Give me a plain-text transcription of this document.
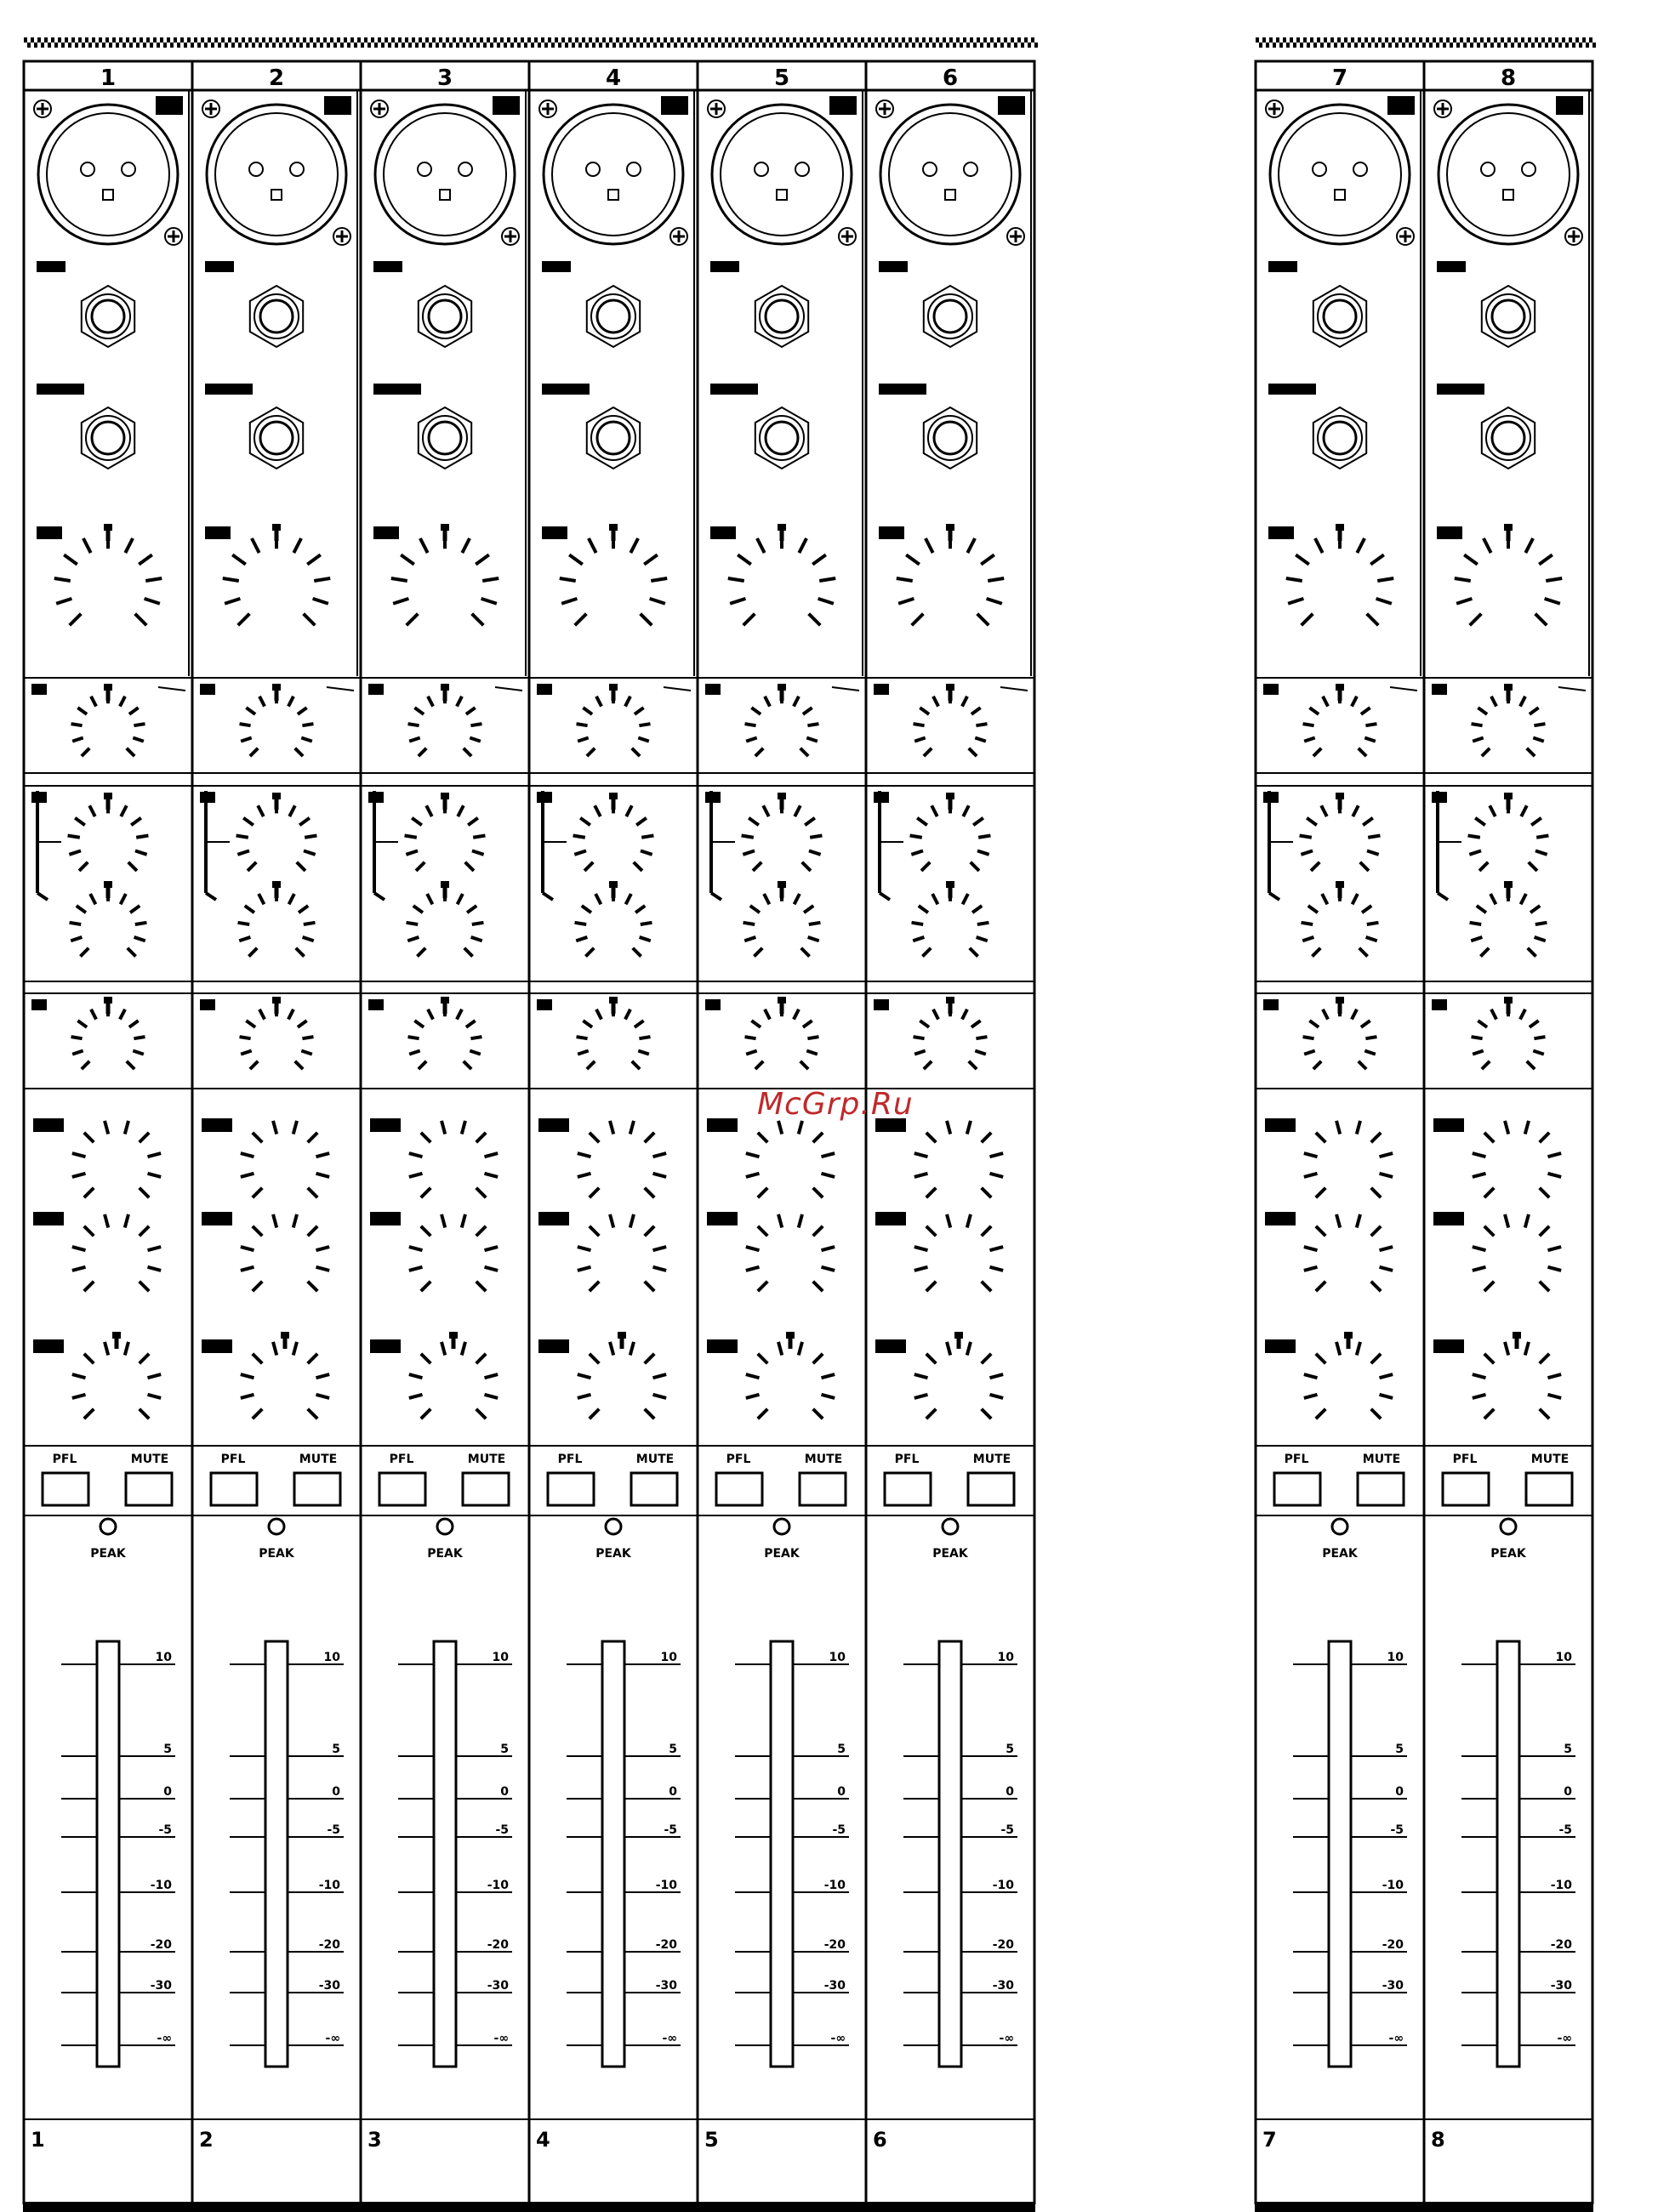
1
PFL	MUTE
PEAK
10
5
0
-5
-10
-20
-30
-∞
1
2
PFL	MUTE
PEAK
10
5
0
-5
-10
-20
-30
-∞
2
3
PFL	MUTE
PEAK
10
5
0
-5
-10
-20
-30
-∞
3
4
PFL	MUTE
PEAK
10
5
0
-5
-10
-20
-30
-∞
4
5
PFL	MUTE
PEAK
10
5
0
-5
-10
-20
-30
-∞
5
6
PFL	MUTE
PEAK
10
5
0
-5
-10
-20
-30
-∞
6
7
PFL	MUTE
PEAK
10
5
0
-5
-10
-20
-30
-∞
7
8
PFL	MUTE
PEAK
10
5
0
-5
-10
-20
-30
-∞
8
McGrp.Ru
